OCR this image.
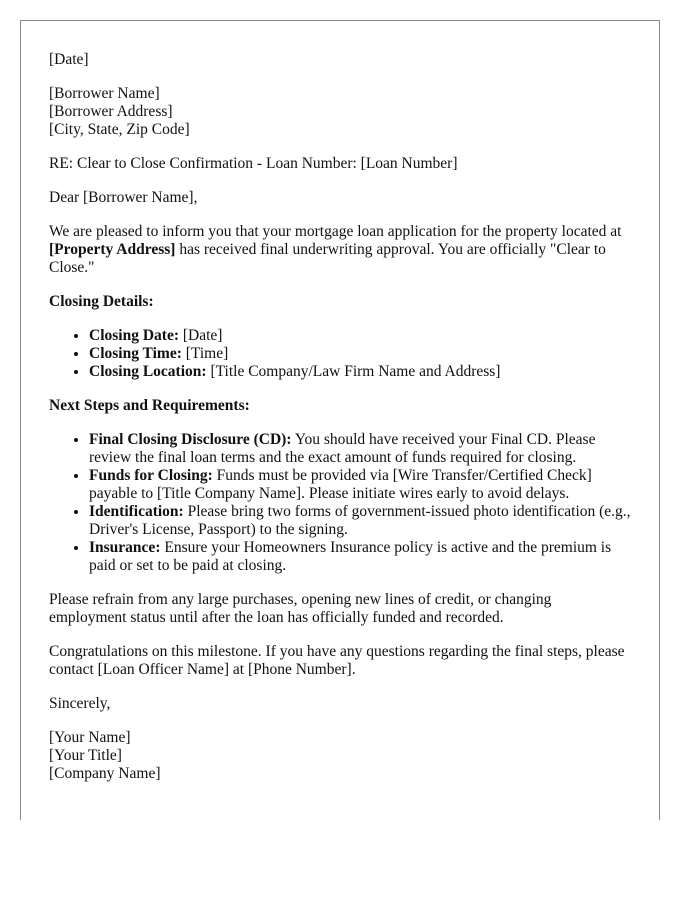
[Date]

[Borrower Name]

[Borrower Address]

[City, State, Zip Code]

RE: Clear to Close Confirmation - Loan Number: [Loan Number]

Dear [Borrower Name],

We are pleased to inform you that your mortgage loan application for the property located at [Property Address] has received final underwriting approval. You are officially "Clear to Close."

Closing Details:
• Closing Date: [Date]
• Closing Time: [Time]
• Closing Location: [Title Company/Law Firm Name and Address]
Next Steps and Requirements:
• Final Closing Disclosure (CD): You should have received your Final CD. Please review the final loan terms and the exact amount of funds required for closing.
• Funds for Closing: Funds must be provided via [Wire Transfer/Certified Check] payable to [Title Company Name]. Please initiate wires early to avoid delays.
• Identification: Please bring two forms of government-issued photo identification (e.g., Driver's License, Passport) to the signing.
• Insurance: Ensure your Homeowners Insurance policy is active and the premium is paid or set to be paid at closing.

Please refrain from any large purchases, opening new lines of credit, or changing employment status until after the loan has officially funded and recorded.

Congratulations on this milestone. If you have any questions regarding the final steps, please contact [Loan Officer Name] at [Phone Number].

Sincerely,

[Your Name]

[Your Title]

[Company Name]
